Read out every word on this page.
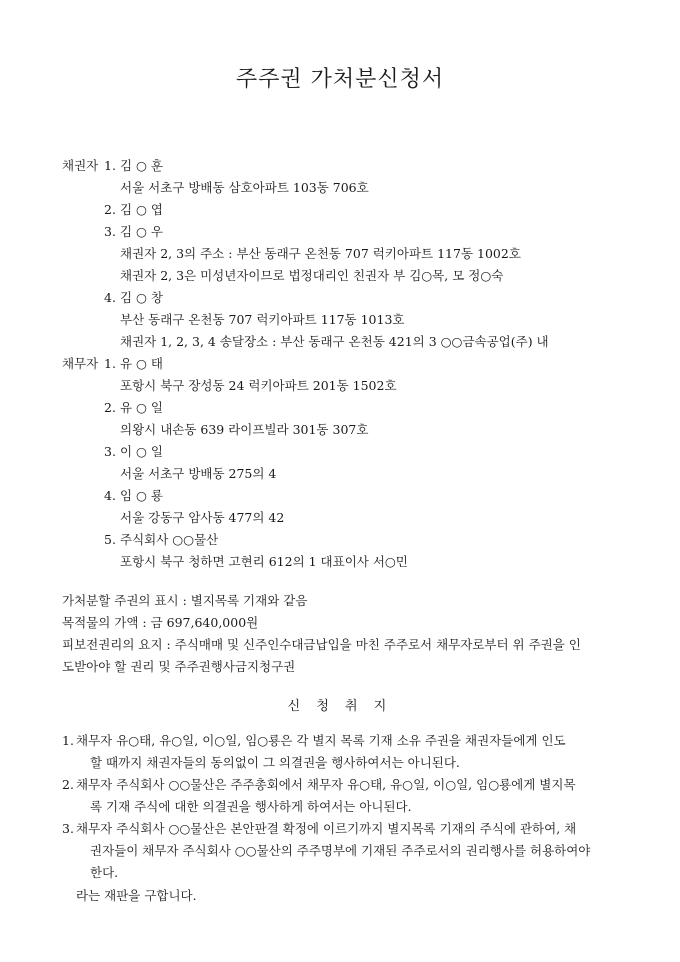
주주권 가처분신청서
채권자 1. 김 ○ 훈
서울 서초구 방배동 삼호아파트 103동 706호
2. 김 ○ 엽
3. 김 ○ 우
채권자 2, 3의 주소 : 부산 동래구 온천동 707 럭키아파트 117동 1002호
채권자 2, 3은 미성년자이므로 법정대리인 친권자 부 김○목, 모 정○숙
4. 김 ○ 창
부산 동래구 온천동 707 럭키아파트 117동 1013호
채권자 1, 2, 3, 4 송달장소 : 부산 동래구 온천동 421의 3 ○○금속공업(주) 내
채무자 1. 유 ○ 태
포항시 북구 장성동 24 럭키아파트 201동 1502호
2. 유 ○ 일
의왕시 내손동 639 라이프빌라 301동 307호
3. 이 ○ 일
서울 서초구 방배동 275의 4
4. 임 ○ 룡
서울 강동구 암사동 477의 42
5. 주식회사 ○○물산
포항시 북구 청하면 고현리 612의 1 대표이사 서○민
가처분할 주권의 표시 : 별지목록 기재와 같음
목적물의 가액 : 금 697,640,000원
피보전권리의 요지 : 주식매매 및 신주인수대금납입을 마친 주주로서 채무자로부터 위 주권을 인
도받아야 할 권리 및 주주권행사금지청구권
신 청 취 지
1. 채무자 유○태, 유○일, 이○일, 임○룡은 각 별지 목록 기재 소유 주권을 채권자들에게 인도
할 때까지 채권자들의 동의없이 그 의결권을 행사하여서는 아니된다.
2. 채무자 주식회사 ○○물산은 주주총회에서 채무자 유○태, 유○일, 이○일, 임○룡에게 별지목
록 기재 주식에 대한 의결권을 행사하게 하여서는 아니된다.
3. 채무자 주식회사 ○○물산은 본안판결 확정에 이르기까지 별지목록 기재의 주식에 관하여, 채
권자들이 채무자 주식회사 ○○물산의 주주명부에 기재된 주주로서의 권리행사를 허용하여야
한다.
라는 재판을 구합니다.
